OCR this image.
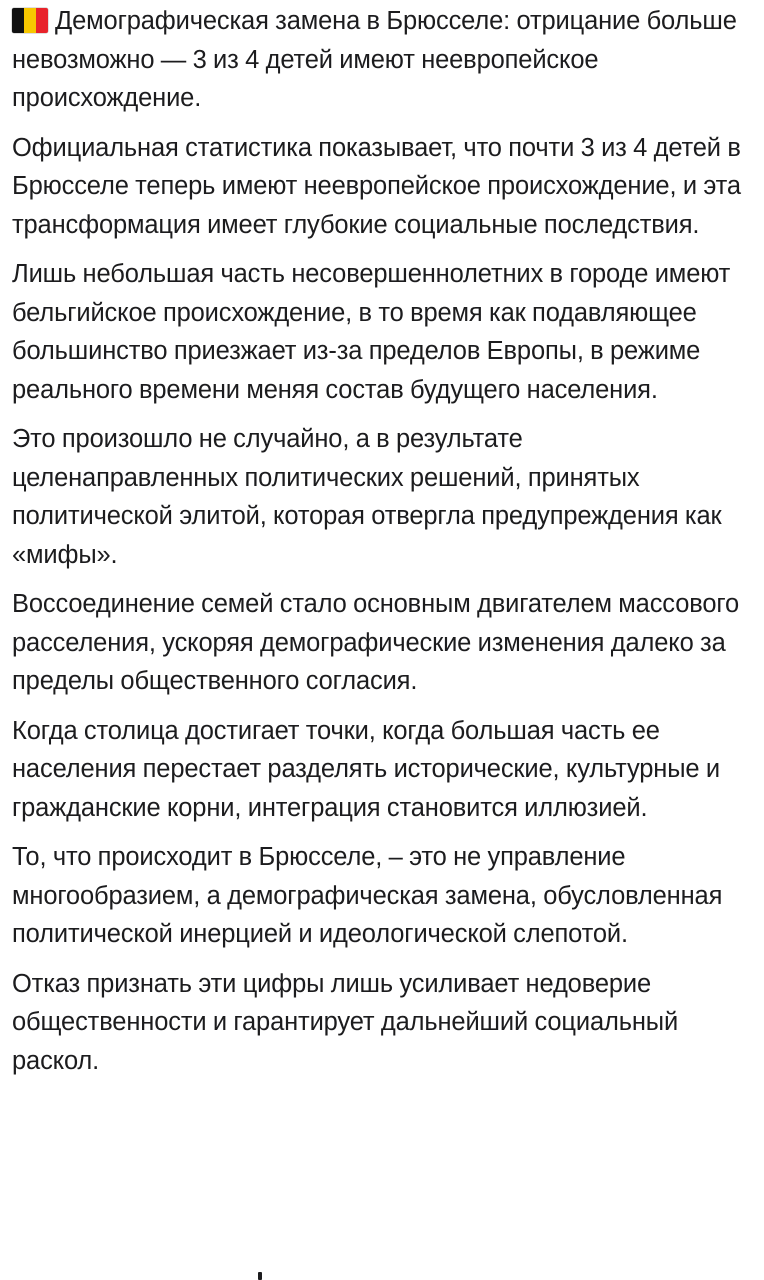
Демографическая замена в Брюсселе: отрицание больше невозможно — 3 из 4 детей имеют неевропейское происхождение.

Официальная статистика показывает, что почти 3 из 4 детей в Брюсселе теперь имеют неевропейское происхождение, и эта трансформация имеет глубокие социальные последствия.

Лишь небольшая часть несовершеннолетних в городе имеют бельгийское происхождение, в то время как подавляющее большинство приезжает из-за пределов Европы, в режиме реального времени меняя состав будущего населения.

Это произошло не случайно, а в результате целенаправленных политических решений, принятых политической элитой, которая отвергла предупреждения как «мифы».

Воссоединение семей стало основным двигателем массового расселения, ускоряя демографические изменения далеко за пределы общественного согласия.

Когда столица достигает точки, когда большая часть ее населения перестает разделять исторические, культурные и гражданские корни, интеграция становится иллюзией.

То, что происходит в Брюсселе, – это не управление многообразием, а демографическая замена, обусловленная политической инерцией и идеологической слепотой.

Отказ признать эти цифры лишь усиливает недоверие общественности и гарантирует дальнейший социальный раскол.
